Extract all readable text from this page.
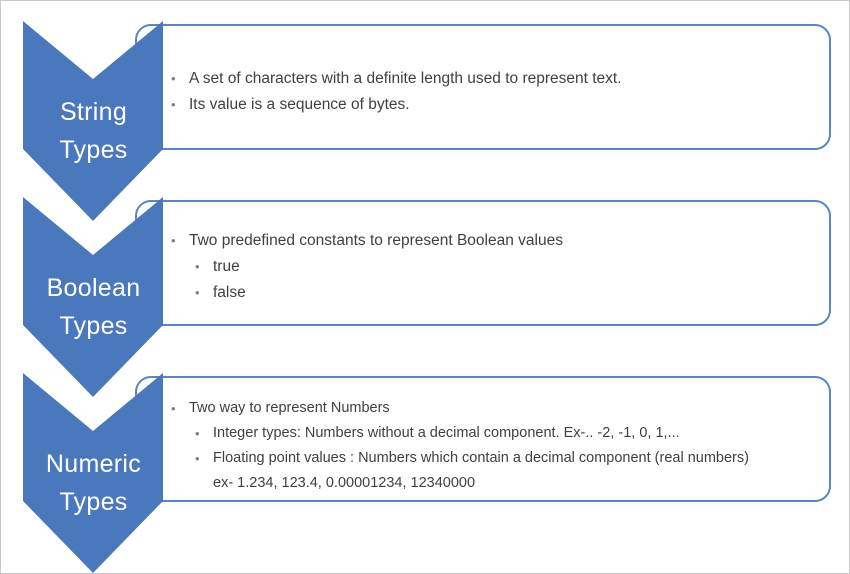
• A set of characters with a definite length used to represent text.
• Its value is a sequence of bytes.
String
Types
• Two predefined constants to represent Boolean values
• true
• false
Boolean
Types
• Two way to represent Numbers
• Integer types: Numbers without a decimal component. Ex-.. -2, -1, 0, 1,...
• Floating point values : Numbers which contain a decimal component (real numbers) ex- 1.234, 123.4, 0.00001234, 12340000
Numeric
Types
